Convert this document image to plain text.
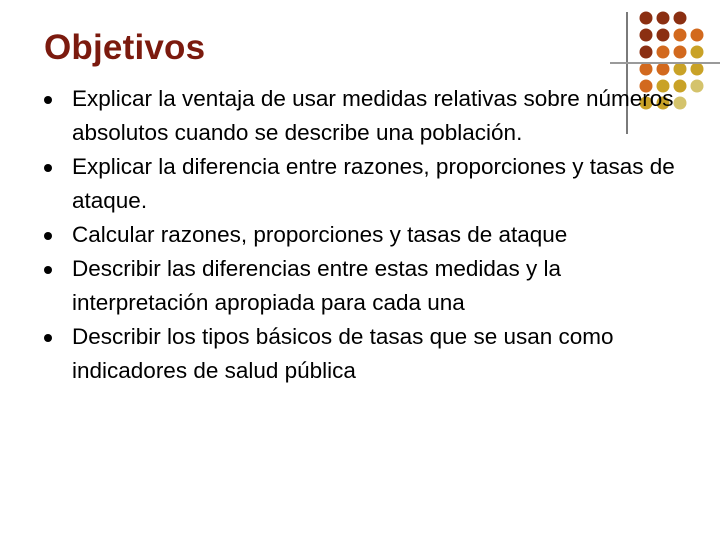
Objetivos
Explicar la ventaja de usar medidas relativas sobre números absolutos cuando se describe una población.
Explicar la diferencia entre razones, proporciones y tasas de ataque.
Calcular razones, proporciones y tasas de ataque
Describir las diferencias entre estas medidas y la interpretación apropiada para cada una
Describir los tipos básicos de tasas que se usan como indicadores de salud pública
